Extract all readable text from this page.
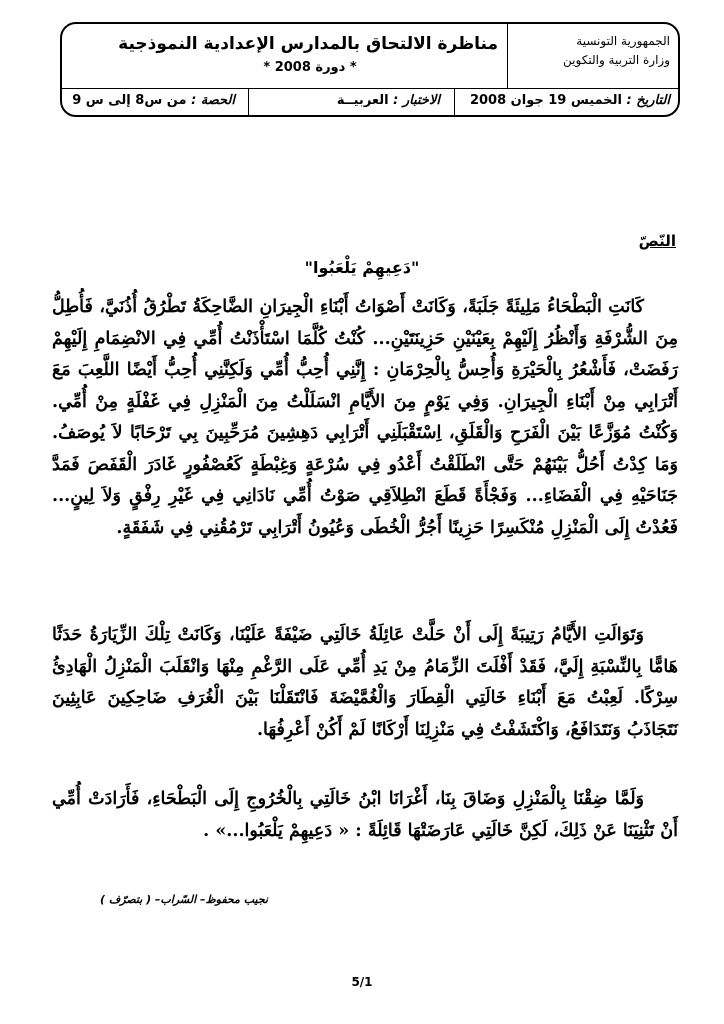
الجمهورية التونسية
وزارة التربية والتكوين
مناظرة الالتحاق بالمدارس الإعدادية النموذجية
* دورة 2008 *
التاريخ : الخميس 19 جوان 2008
الاختبار : العربيــة
الحصة : من س8 إلى س 9
النّصّ
"دَعِيهِمْ يَلْعَبُوا"
كَانَتِ الْبَطْحَاءُ مَلِيئَةً جَلَبَةً، وَكَانَتْ أَصْوَاتُ أَبْنَاءِ الْجِيرَانِ الضَّاحِكَةُ تَطْرُقُ أُذُنَيَّ، فَأُطِلُّ مِنَ الشُّرْفَةِ وَأَنْظُرُ إِلَيْهِمْ بِعَيْنَيْنِ حَزِينَتَيْنِ... كُنْتُ كُلَّمَا اسْتَأْذَنْتُ أُمِّي فِي الانْضِمَامِ إِلَيْهِمْ رَفَضَتْ، فَأَشْعُرُ بِالْحَيْرَةِ وَأُحِسُّ بِالْحِرْمَانِ : إِنَّنِي أُحِبُّ أُمِّي وَلَكِنَّنِي أُحِبُّ أَيْضًا اللَّعِبَ مَعَ أَتْرَابِي مِنْ أَبْنَاءِ الْجِيرَانِ. وَفِي يَوْمٍ مِنَ الأَيَّامِ انْسَلَلْتُ مِنَ الْمَنْزِلِ فِي غَفْلَةٍ مِنْ أُمِّي. وَكُنْتُ مُوَزَّعًا بَيْنَ الْفَرَحِ وَالْقَلَقِ، اِسْتَقْبَلَنِي أَتْرَابِي دَهِشِينَ مُرَحِّبِينَ بِي تَرْحَابًا لاَ يُوصَفُ. وَمَا كِدْتُ أَحُلُّ بَيْنَهُمْ حَتَّى انْطَلَقْتُ أَعْدُو فِي سُرْعَةٍ وَغِبْطَةٍ كَعُصْفُورٍ غَادَرَ الْقَفَصَ فَمَدَّ جَنَاحَيْهِ فِي الْفَضَاءِ... وَفَجْأَةً قَطَعَ انْطِلاَقِي صَوْتُ أُمِّي نَادَانِي فِي غَيْرِ رِفْقٍ وَلاَ لِينٍ... فَعُدْتُ إِلَى الْمَنْزِلِ مُنْكَسِرًا حَزِينًا أَجُرُّ الْخُطَى وَعُيُونُ أَتْرَابِي تَرْمُقُنِي فِي شَفَقَةٍ.
وَتَوَالَتِ الأَيَّامُ رَتِيبَةً إِلَى أَنْ حَلَّتْ عَائِلَةُ خَالَتِي ضَيْفَةً عَلَيْنَا، وَكَانَتْ تِلْكَ الزِّيَارَةُ حَدَثًا هَامًّا بِالنِّسْبَةِ إِلَيَّ، فَقَدْ أَفْلَتَ الزِّمَامُ مِنْ يَدِ أُمِّي عَلَى الرَّغْمِ مِنْهَا وَانْقَلَبَ الْمَنْزِلُ الْهَادِئُ سِرْكًا. لَعِبْتُ مَعَ أَبْنَاءِ خَالَتِي الْقِطَارَ وَالْغُمَّيْضَةَ فَانْتَقَلْنَا بَيْنَ الْغُرَفِ ضَاحِكِينَ عَابِثِينَ نَتَجَاذَبُ وَنَتَدَافَعُ، وَاكْتَشَفْتُ فِي مَنْزِلِنَا أَرْكَانًا لَمْ أَكُنْ أَعْرِفُهَا.
وَلَمَّا ضِقْنَا بِالْمَنْزِلِ وَضَاقَ بِنَا، أَغْرَانَا ابْنُ خَالَتِي بِالْخُرُوجِ إِلَى الْبَطْحَاءِ، فَأَرَادَتْ أُمِّي أَنْ تَثْنِيَنَا عَنْ ذَلِكَ، لَكِنَّ خَالَتِي عَارَضَتْهَا قَائِلَةً : « دَعِيهِمْ يَلْعَبُوا...» .
نجيب محفوظ– السّراب– ( بتصرّف )
5/1
